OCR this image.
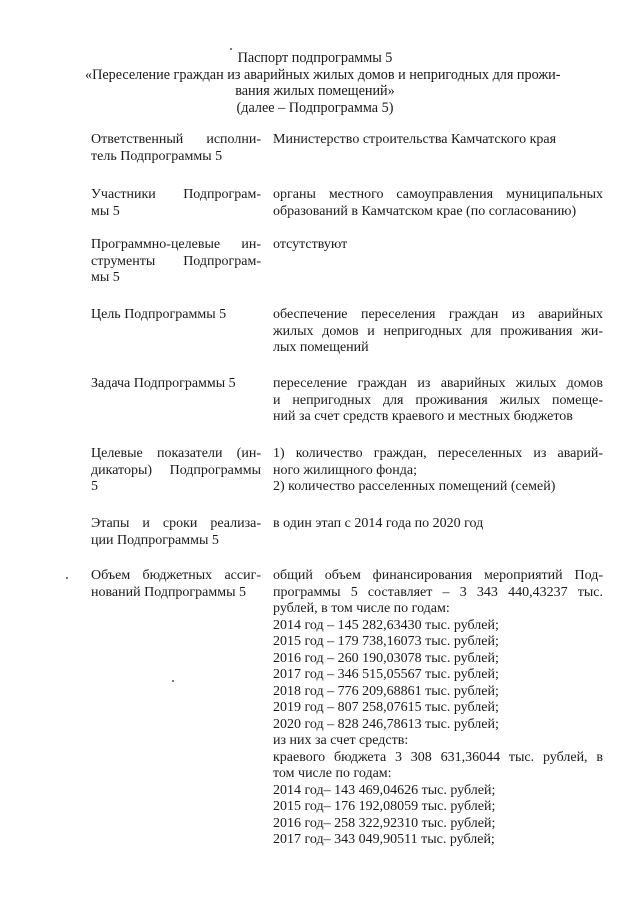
Паспорт подпрограммы 5
«Переселение граждан из аварийных жилых домов и непригодных для прожи-
вания жилых помещений»
(далее – Подпрограмма 5)
Ответственный исполни-
тель Подпрограммы 5
Министерство строительства Камчатского края
Участники Подпрограм-
мы 5
органы местного самоуправления муниципальных
образований в Камчатском крае (по согласованию)
Программно-целевые ин-
струменты Подпрограм-
мы 5
отсутствуют
Цель Подпрограммы 5	обеспечение переселения граждан из аварийных
жилых домов и непригодных для проживания жи-
лых помещений
Задача Подпрограммы 5	переселение граждан из аварийных жилых домов
и непригодных для проживания жилых помеще-
ний за счет средств краевого и местных бюджетов
Целевые показатели (ин-
дикаторы) Подпрограммы
5
1) количество граждан, переселенных из аварий-
ного жилищного фонда;
2) количество расселенных помещений (семей)
Этапы и сроки реализа-
ции Подпрограммы 5
в один этап с 2014 года по 2020 год
Объем бюджетных ассиг-
нований Подпрограммы 5
общий объем финансирования мероприятий Под-
программы 5 составляет – 3 343 440,43237 тыс.
рублей, в том числе по годам:
2014 год – 145 282,63430 тыс. рублей;
2015 год – 179 738,16073 тыс. рублей;
2016 год – 260 190,03078 тыс. рублей;
2017 год – 346 515,05567 тыс. рублей;
2018 год – 776 209,68861 тыс. рублей;
2019 год – 807 258,07615 тыс. рублей;
2020 год – 828 246,78613 тыс. рублей;
из них за счет средств:
краевого бюджета 3 308 631,36044 тыс. рублей, в
том числе по годам:
2014 год– 143 469,04626 тыс. рублей;
2015 год– 176 192,08059 тыс. рублей;
2016 год– 258 322,92310 тыс. рублей;
2017 год– 343 049,90511 тыс. рублей;
